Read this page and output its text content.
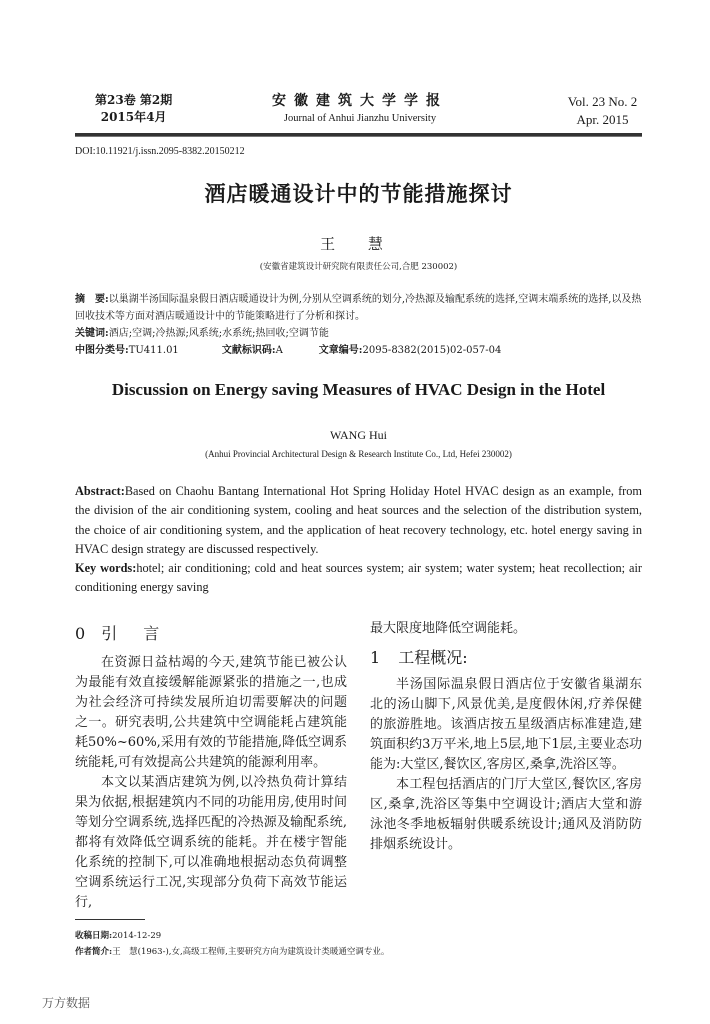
第23卷 第2期
2015年4月
安徽建筑大学学报
Journal of Anhui Jianzhu University
Vol. 23 No. 2
Apr. 2015
DOI:10.11921/j.issn.2095-8382.20150212
酒店暖通设计中的节能措施探讨
王 慧
(安徽省建筑设计研究院有限责任公司,合肥 230002)
摘　要:以巢湖半汤国际温泉假日酒店暖通设计为例,分别从空调系统的划分,冷热源及输配系统的选择,空调末端系统的选择,以及热回收技术等方面对酒店暖通设计中的节能策略进行了分析和探讨。
关键词:酒店;空调;冷热源;风系统;水系统;热回收;空调节能
中图分类号:TU411.01	文献标识码:A	文章编号:2095-8382(2015)02-057-04
Discussion on Energy saving Measures of HVAC Design in the Hotel
WANG Hui
(Anhui Provincial Architectural Design & Research Institute Co., Ltd, Hefei 230002)
Abstract:Based on Chaohu Bantang International Hot Spring Holiday Hotel HVAC design as an example, from the division of the air conditioning system, cooling and heat sources and the selection of the distribution system, the choice of air conditioning system, and the application of heat recovery technology, etc. hotel energy saving in HVAC design strategy are discussed respectively.
Key words:hotel; air conditioning; cold and heat sources system; air system; water system; heat recollection; air conditioning energy saving
0 引言

在资源日益枯竭的今天,建筑节能已被公认为最能有效直接缓解能源紧张的措施之一,也成为社会经济可持续发展所迫切需要解决的问题之一。研究表明,公共建筑中空调能耗占建筑能耗50%~60%,采用有效的节能措施,降低空调系统能耗,可有效提高公共建筑的能源利用率。

本文以某酒店建筑为例,以冷热负荷计算结果为依据,根据建筑内不同的功能用房,使用时间等划分空调系统,选择匹配的冷热源及输配系统,都将有效降低空调系统的能耗。并在楼宇智能化系统的控制下,可以准确地根据动态负荷调整空调系统运行工况,实现部分负荷下高效节能运行,

最大限度地降低空调能耗。

1 工程概况:

半汤国际温泉假日酒店位于安徽省巢湖东北的汤山脚下,风景优美,是度假休闲,疗养保健的旅游胜地。该酒店按五星级酒店标准建造,建筑面积约3万平米,地上5层,地下1层,主要业态功能为:大堂区,餐饮区,客房区,桑拿,洗浴区等。

本工程包括酒店的门厅大堂区,餐饮区,客房区,桑拿,洗浴区等集中空调设计;酒店大堂和游泳池冬季地板辐射供暖系统设计;通风及消防防排烟系统设计。

收稿日期:2014-12-29
作者简介:王　慧(1963-),女,高级工程师,主要研究方向为建筑设计类暖通空调专业。
万方数据
